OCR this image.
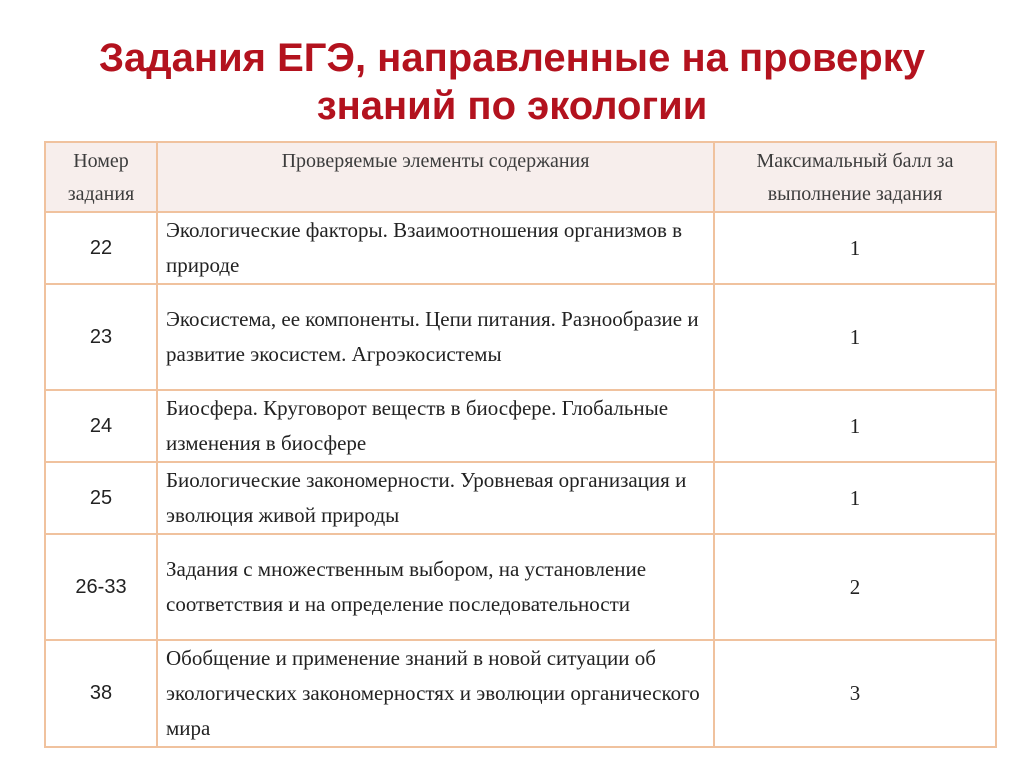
Задания ЕГЭ, направленные на проверку
знаний по экологии
Номер задания	Проверяемые элементы содержания	Максимальный балл за выполнение задания
22	Экологические факторы. Взаимоотношения организмов в природе	1
23	Экосистема, ее компоненты. Цепи питания. Разнообразие и развитие экосистем. Агроэкосистемы	1
24	Биосфера. Круговорот веществ в биосфере. Глобальные изменения в биосфере	1
25	Биологические закономерности. Уровневая организация и эволюция живой природы	1
26-33	Задания с множественным выбором, на установление соответствия и на определение последовательности	2
38	Обобщение и применение знаний в новой ситуации об экологических закономерностях и эволюции органического мира	3
